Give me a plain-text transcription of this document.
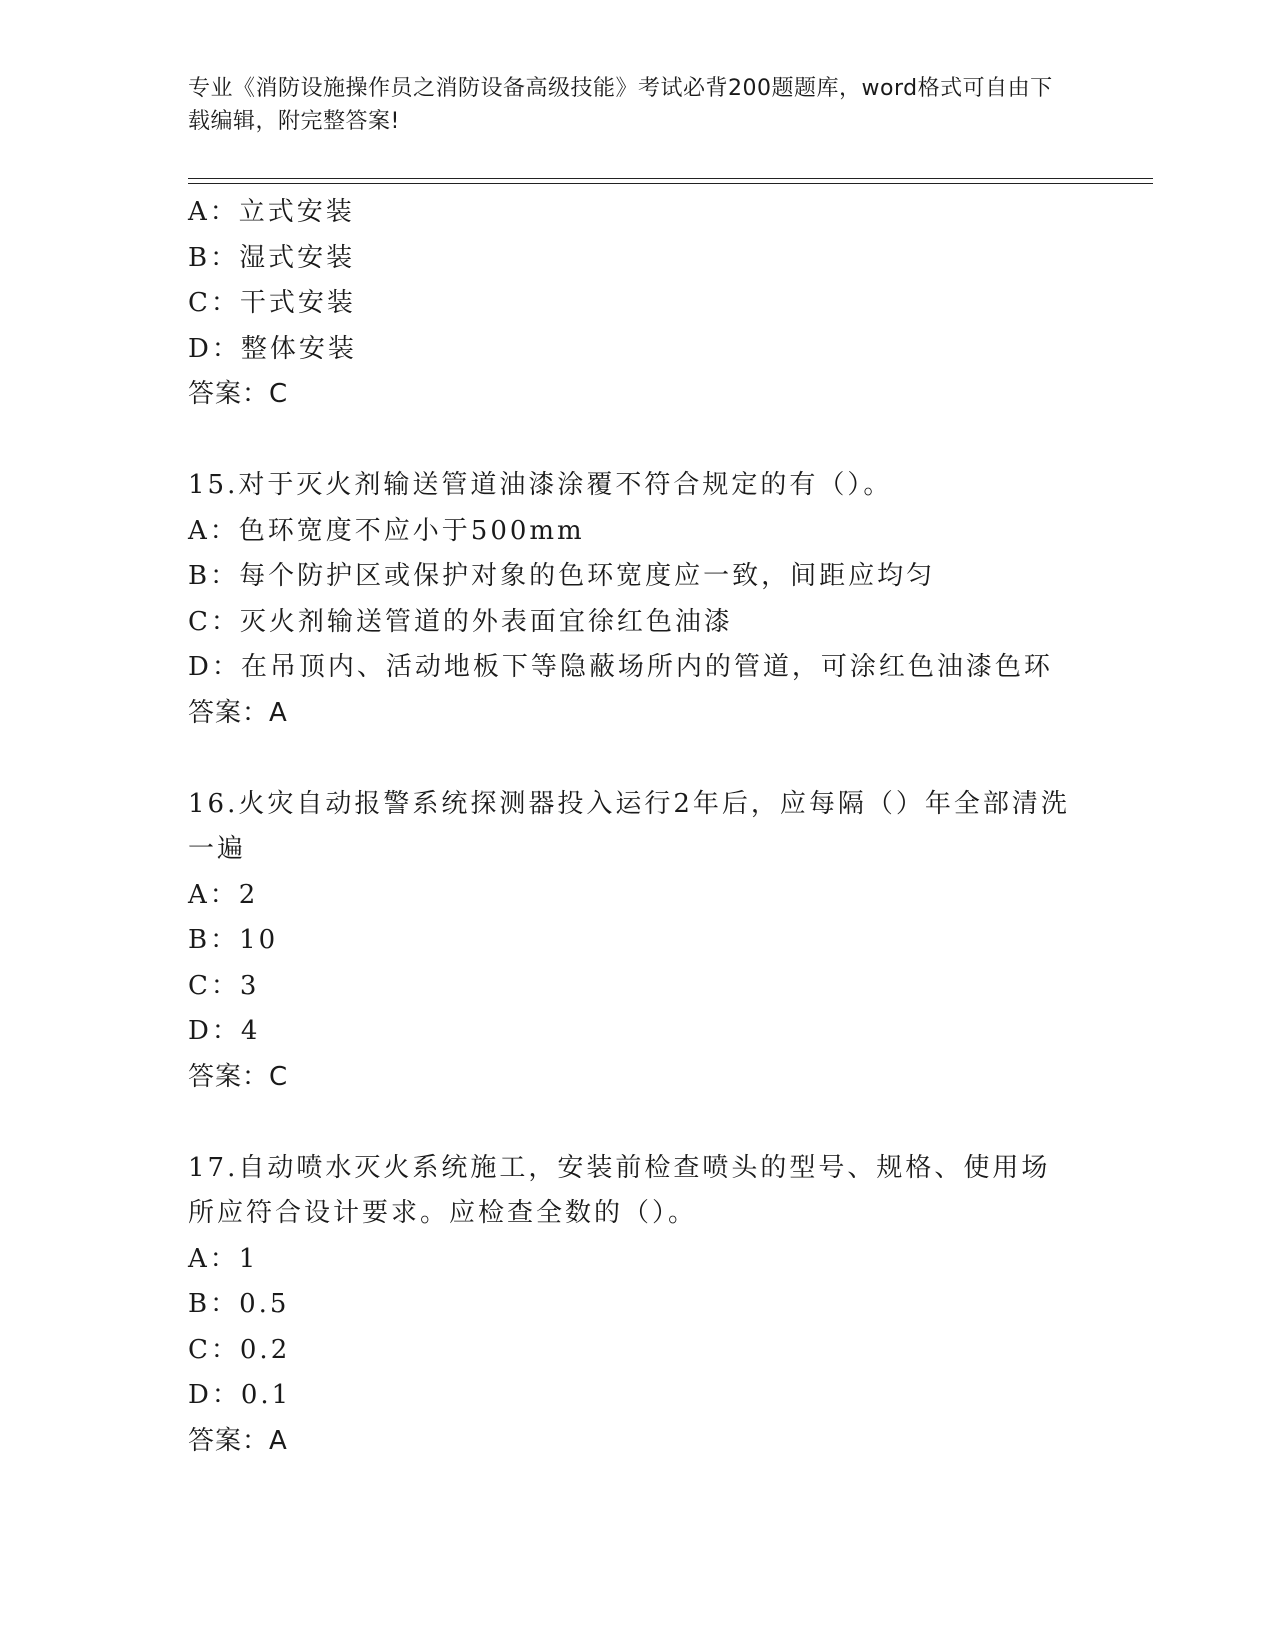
专业《消防设施操作员之消防设备高级技能》考试必背200题题库，word格式可自由下载编辑，附完整答案!
A：立式安装
B：湿式安装
C：干式安装
D：整体安装
答案：C
15.对于灭火剂输送管道油漆涂覆不符合规定的有（）。
A：色环宽度不应小于500mm
B：每个防护区或保护对象的色环宽度应一致，间距应均匀
C：灭火剂输送管道的外表面宜徐红色油漆
D：在吊顶内、活动地板下等隐蔽场所内的管道，可涂红色油漆色环
答案：A
16.火灾自动报警系统探测器投入运行2年后，应每隔（）年全部清洗一遍
A：2
B：10
C：3
D：4
答案：C
17.自动喷水灭火系统施工，安装前检查喷头的型号、规格、使用场所应符合设计要求。应检查全数的（）。
A：1
B：0.5
C：0.2
D：0.1
答案：A
